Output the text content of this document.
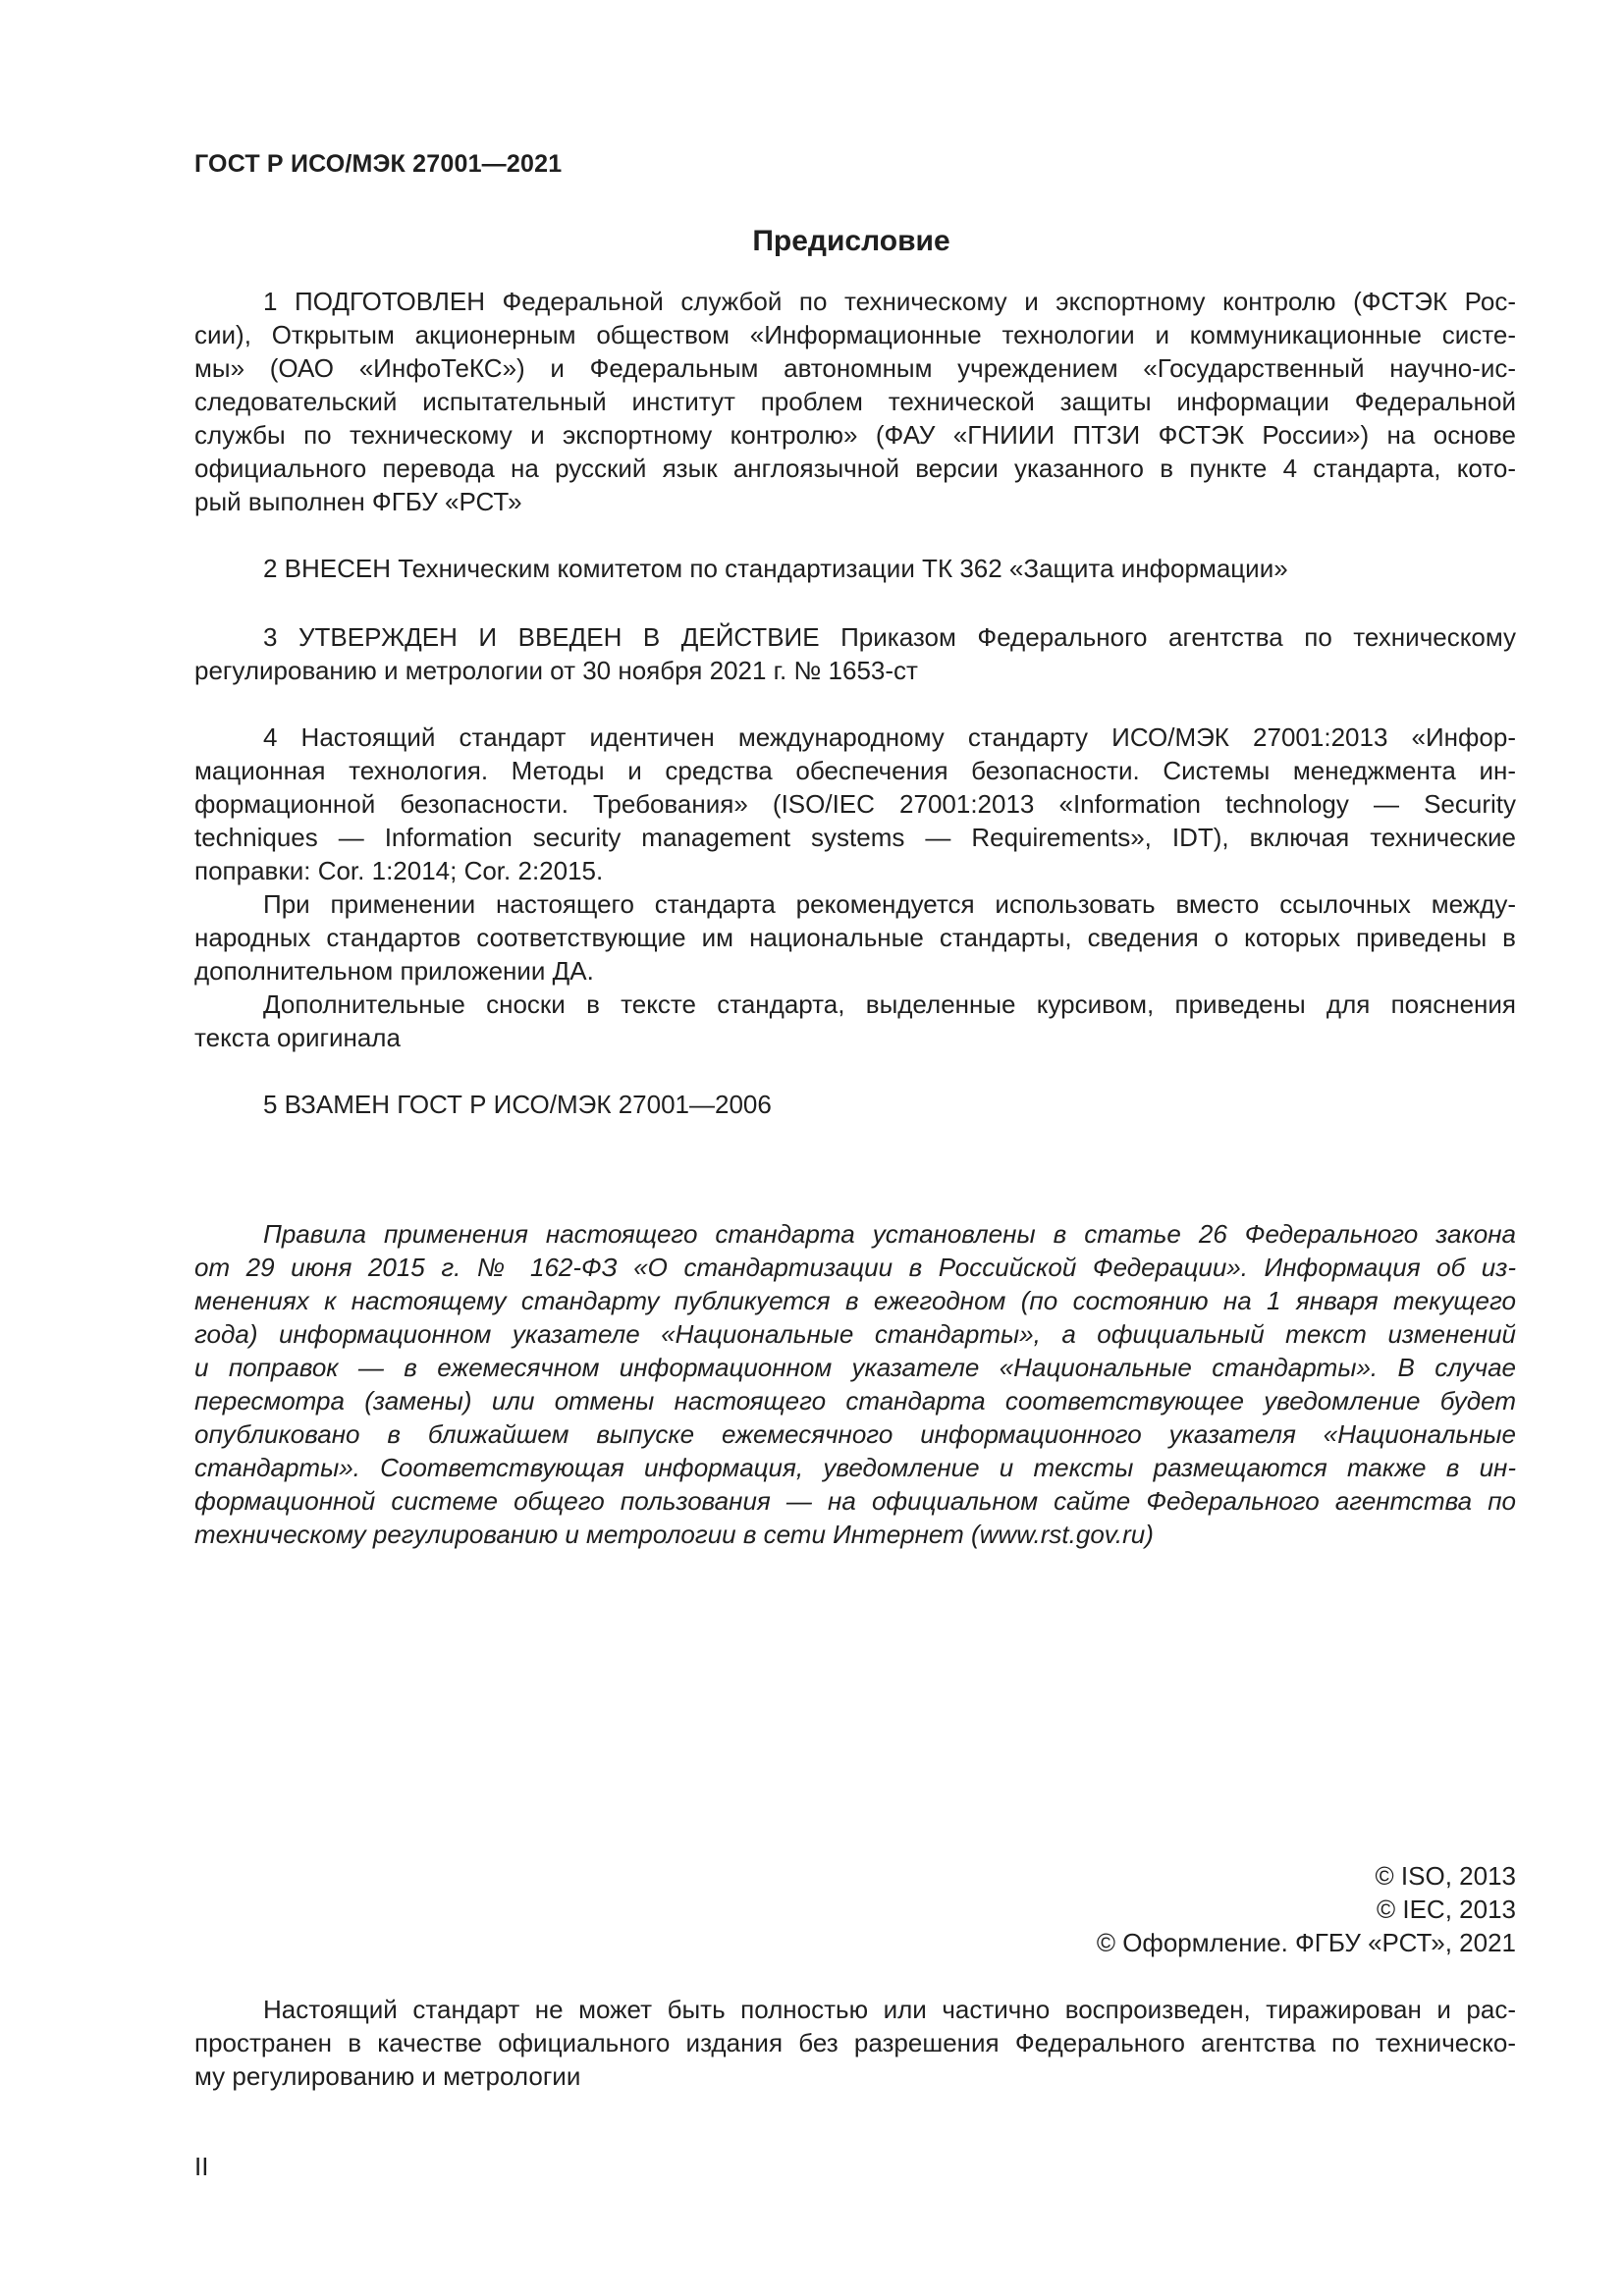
ГОСТ Р ИСО/МЭК 27001—2021
Предисловие
1 ПОДГОТОВЛЕН Федеральной службой по техническому и экспортному контролю (ФСТЭК Рос-
сии), Открытым акционерным обществом «Информационные технологии и коммуникационные систе-
мы» (ОАО «ИнфоТеКС») и Федеральным автономным учреждением «Государственный научно-ис-
следовательский испытательный институт проблем технической защиты информации Федеральной
службы по техническому и экспортному контролю» (ФАУ «ГНИИИ ПТЗИ ФСТЭК России») на основе
официального перевода на русский язык англоязычной версии указанного в пункте 4 стандарта, кото-
рый выполнен ФГБУ «РСТ»
2 ВНЕСЕН Техническим комитетом по стандартизации ТК 362 «Защита информации»
3 УТВЕРЖДЕН И ВВЕДЕН В ДЕЙСТВИЕ Приказом Федерального агентства по техническому
регулированию и метрологии от 30 ноября 2021 г. № 1653-ст
4 Настоящий стандарт идентичен международному стандарту ИСО/МЭК 27001:2013 «Инфор-
мационная технология. Методы и средства обеспечения безопасности. Системы менеджмента ин-
формационной безопасности. Требования» (ISO/IEC 27001:2013 «Information technology — Security
techniques — Information security management systems — Requirements», IDT), включая технические
поправки: Cor. 1:2014; Cor. 2:2015.
При применении настоящего стандарта рекомендуется использовать вместо ссылочных между-
народных стандартов соответствующие им национальные стандарты, сведения о которых приведены в
дополнительном приложении ДА.
Дополнительные сноски в тексте стандарта, выделенные курсивом, приведены для пояснения
текста оригинала
5 ВЗАМЕН ГОСТ Р ИСО/МЭК 27001—2006
Правила применения настоящего стандарта установлены в статье 26 Федерального закона
от 29 июня 2015 г. № 162-ФЗ «О стандартизации в Российской Федерации». Информация об из-
менениях к настоящему стандарту публикуется в ежегодном (по состоянию на 1 января текущего
года) информационном указателе «Национальные стандарты», а официальный текст изменений
и поправок — в ежемесячном информационном указателе «Национальные стандарты». В случае
пересмотра (замены) или отмены настоящего стандарта соответствующее уведомление будет
опубликовано в ближайшем выпуске ежемесячного информационного указателя «Национальные
стандарты». Соответствующая информация, уведомление и тексты размещаются также в ин-
формационной системе общего пользования — на официальном сайте Федерального агентства по
техническому регулированию и метрологии в сети Интернет (www.rst.gov.ru)
© ISO, 2013
© IEC, 2013
© Оформление. ФГБУ «РСТ», 2021
Настоящий стандарт не может быть полностью или частично воспроизведен, тиражирован и рас-
пространен в качестве официального издания без разрешения Федерального агентства по техническо-
му регулированию и метрологии
II
